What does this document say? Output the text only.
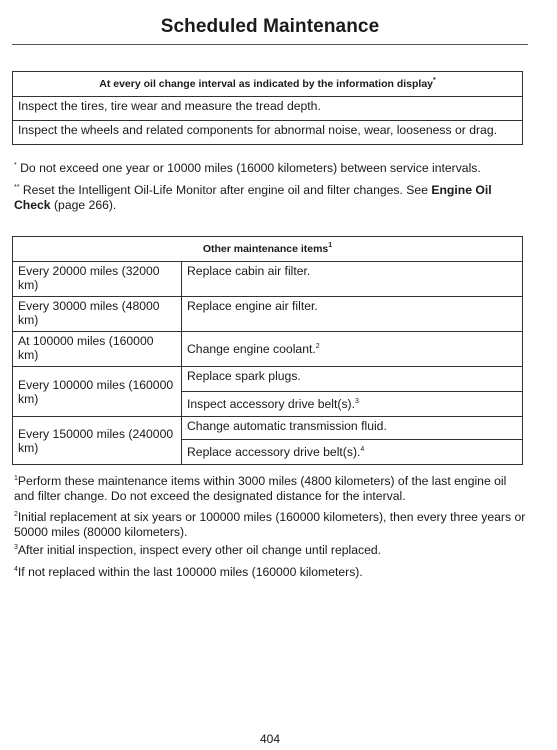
Scheduled Maintenance
At every oil change interval as indicated by the information display*
Inspect the tires, tire wear and measure the tread depth.
Inspect the wheels and related components for abnormal noise, wear, looseness or drag.
* Do not exceed one year or 10000 miles (16000 kilometers) between service intervals.
** Reset the Intelligent Oil-Life Monitor after engine oil and filter changes. See Engine Oil Check (page 266).
Other maintenance items$^1$
Every 20000 miles (32000 km)	Replace cabin air filter.
Every 30000 miles (48000 km)	Replace engine air filter.
At 100000 miles (160000 km)	Change engine coolant.$^2$
Every 100000 miles (160000 km)	Replace spark plugs.
	Inspect accessory drive belt(s).$^3$
Every 150000 miles (240000 km)	Change automatic transmission fluid.
	Replace accessory drive belt(s).$^4$
$^1$Perform these maintenance items within 3000 miles (4800 kilometers) of the last engine oil and filter change. Do not exceed the designated distance for the interval.
$^2$Initial replacement at six years or 100000 miles (160000 kilometers), then every three years or 50000 miles (80000 kilometers).
$^3$After initial inspection, inspect every other oil change until replaced.
$^4$If not replaced within the last 100000 miles (160000 kilometers).
404
